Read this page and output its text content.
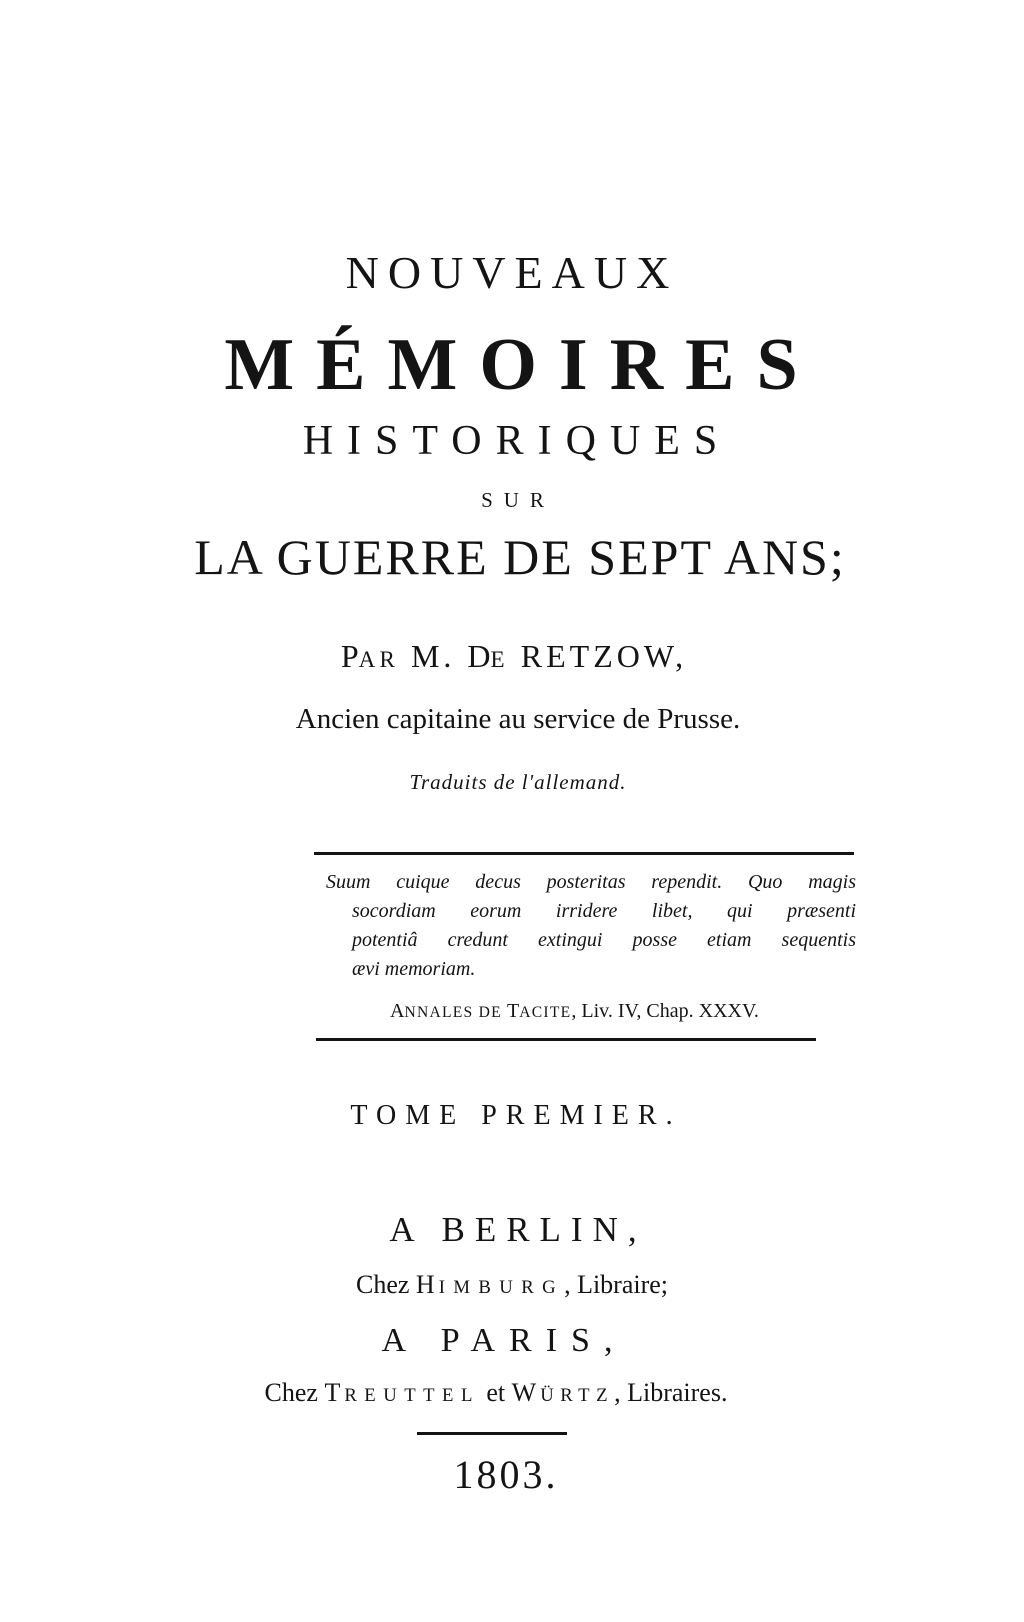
NOUVEAUX
MÉMOIRES
HISTORIQUES
SUR
LA GUERRE DE SEPT ANS;
PAR M. DE RETZOW,
Ancien capitaine au service de Prusse.
Traduits de l'allemand.
Suum cuique decus posteritas rependit. Quo magis
socordiam eorum irridere libet, qui præsenti
potentiâ credunt extingui posse etiam sequentis
ævi memoriam.
ANNALES DE TACITE, Liv. IV, Chap. XXXV.
TOME PREMIER.
A BERLIN,
Chez HIMBURG, Libraire;
A PARIS,
Chez TREUTTEL et WÜRTZ, Libraires.
1803.
